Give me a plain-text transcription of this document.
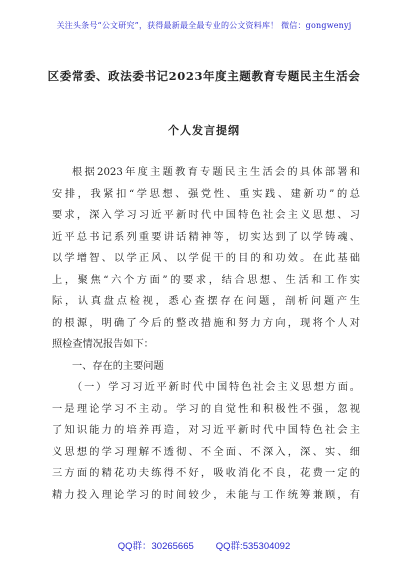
关注头条号“公文研究”，获得最新最全最专业的公文资料库！ 微信：gongwenyj
区委常委、政法委书记2023年度主题教育专题民主生活会
个人发言提纲
根据2023年度主题教育专题民主生活会的具体部署和
安排，我紧扣“学思想、强党性、重实践、建新功”的总
要求，深入学习习近平新时代中国特色社会主义思想、习
近平总书记系列重要讲话精神等，切实达到了以学铸魂、
以学增智、以学正风、以学促干的目的和功效。在此基础
上，聚焦“六个方面”的要求，结合思想、生活和工作实
际，认真盘点检视，悉心查摆存在问题，剖析问题产生
的根源，明确了今后的整改措施和努力方向，现将个人对
照检查情况报告如下：
一、存在的主要问题
（一）学习习近平新时代中国特色社会主义思想方面。
一是理论学习不主动。学习的自觉性和积极性不强，忽视
了知识能力的培养再造，对习近平新时代中国特色社会主
义思想的学习理解不透彻、不全面、不深入，深、实、细
三方面的精花功夫练得不好，吸收消化不良，花费一定的
精力投入理论学习的时间较少，未能与工作统筹兼顾，有
QQ群：30265665 QQ群:535304092
